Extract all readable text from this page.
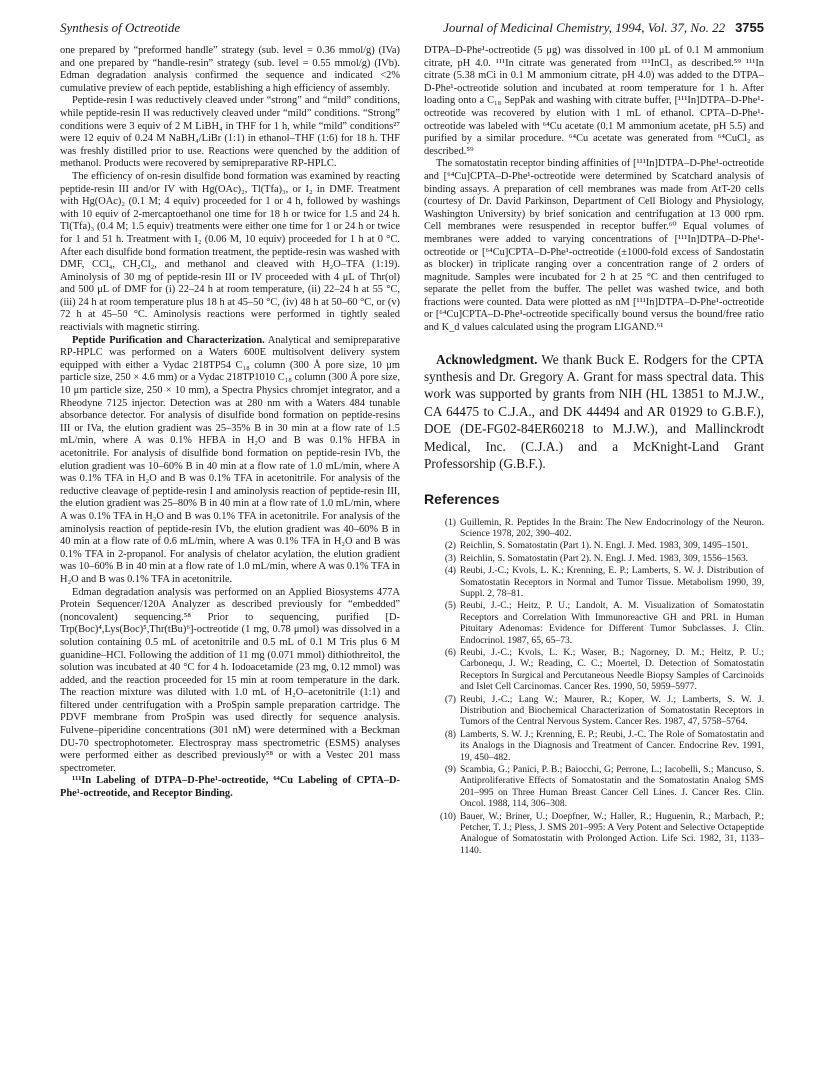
Synthesis of Octreotide	Journal of Medicinal Chemistry, 1994, Vol. 37, No. 22 3755

one prepared by “preformed handle” strategy (sub. level = 0.36 mmol/g) (IVa) and one prepared by “handle-resin” strategy (sub. level = 0.55 mmol/g) (IVb). Edman degradation analysis confirmed the sequence and indicated <2% cumulative preview of each peptide, establishing a high efficiency of assembly.

Peptide-resin I was reductively cleaved under “strong” and “mild” conditions, while peptide-resin II was reductively cleaved under “mild” conditions. “Strong” conditions were 3 equiv of 2 M LiBH₄ in THF for 1 h, while “mild” conditions²⁷ were 12 equiv of 0.24 M NaBH₄/LiBr (1:1) in ethanol–THF (1:6) for 18 h. THF was freshly distilled prior to use. Reactions were quenched by the addition of methanol. Products were recovered by semipreparative RP-HPLC.

The efficiency of on-resin disulfide bond formation was examined by reacting peptide-resin III and/or IV with Hg(OAc)₂, Tl(Tfa)₃, or I₂ in DMF. Treatment with Hg(OAc)₂ (0.1 M; 4 equiv) proceeded for 1 or 4 h, followed by washings with 10 equiv of 2-mercaptoethanol one time for 18 h or twice for 1.5 and 24 h. Tl(Tfa)₃ (0.4 M; 1.5 equiv) treatments were either one time for 1 or 24 h or twice for 1 and 51 h. Treatment with I₂ (0.06 M, 10 equiv) proceeded for 1 h at 0 °C. After each disulfide bond formation treatment, the peptide-resin was washed with DMF, CCl₄, CH₂Cl₂, and methanol and cleaved with H₂O–TFA (1:19). Aminolysis of 30 mg of peptide-resin III or IV proceeded with 4 μL of Thr(ol) and 500 μL of DMF for (i) 22–24 h at room temperature, (ii) 22–24 h at 55 °C, (iii) 24 h at room temperature plus 18 h at 45–50 °C, (iv) 48 h at 50–60 °C, or (v) 72 h at 45–50 °C. Aminolysis reactions were performed in tightly sealed reactivials with magnetic stirring.

Peptide Purification and Characterization. Analytical and semipreparative RP-HPLC was performed on a Waters 600E multisolvent delivery system equipped with either a Vydac 218TP54 C₁₈ column (300 Å pore size, 10 μm particle size, 250 × 4.6 mm) or a Vydac 218TP1010 C₁₈ column (300 Å pore size, 10 μm particle size, 250 × 10 mm), a Spectra Physics chromjet integrator, and a Rheodyne 7125 injector. Detection was at 280 nm with a Waters 484 tunable absorbance detector. For analysis of disulfide bond formation on peptide-resins III or IVa, the elution gradient was 25–35% B in 30 min at a flow rate of 1.5 mL/min, where A was 0.1% HFBA in H₂O and B was 0.1% HFBA in acetonitrile. For analysis of disulfide bond formation on peptide-resin IVb, the elution gradient was 10–60% B in 40 min at a flow rate of 1.0 mL/min, where A was 0.1% TFA in H₂O and B was 0.1% TFA in acetonitrile. For analysis of the reductive cleavage of peptide-resin I and aminolysis reaction of peptide-resin III, the elution gradient was 25–80% B in 40 min at a flow rate of 1.0 mL/min, where A was 0.1% TFA in H₂O and B was 0.1% TFA in acetonitrile. For analysis of the aminolysis reaction of peptide-resin IVb, the elution gradient was 40–60% B in 40 min at a flow rate of 0.6 mL/min, where A was 0.1% TFA in H₂O and B was 0.1% TFA in 2-propanol. For analysis of chelator acylation, the elution gradient was 10–60% B in 40 min at a flow rate of 1.0 mL/min, where A was 0.1% TFA in H₂O and B was 0.1% TFA in acetonitrile.

Edman degradation analysis was performed on an Applied Biosystems 477A Protein Sequencer/120A Analyzer as described previously for “embedded” (noncovalent) sequencing.⁵⁸ Prior to sequencing, purified [D-Trp(Boc)⁴,Lys(Boc)⁵,Thr(tBu)⁶]-octreotide (1 mg, 0.78 μmol) was dissolved in a solution containing 0.5 mL of acetonitrile and 0.5 mL of 0.1 M Tris plus 6 M guanidine–HCl. Following the addition of 11 mg (0.071 mmol) dithiothreitol, the solution was incubated at 40 °C for 4 h. Iodoacetamide (23 mg, 0.12 mmol) was added, and the reaction proceeded for 15 min at room temperature in the dark. The reaction mixture was diluted with 1.0 mL of H₂O–acetonitrile (1:1) and filtered under centrifugation with a ProSpin sample preparation cartridge. The PDVF membrane from ProSpin was used directly for sequence analysis. Fulvene–piperidine concentrations (301 nM) were determined with a Beckman DU-70 spectrophotometer. Electrospray mass spectrometric (ESMS) analyses were performed either as described previously⁵⁸ or with a Vestec 201 mass spectrometer.

¹¹¹In Labeling of DTPA–D-Phe¹-octreotide, ⁶⁴Cu Labeling of CPTA–D-Phe¹-octreotide, and Receptor Binding.

DTPA–D-Phe¹-octreotide (5 μg) was dissolved in 100 μL of 0.1 M ammonium citrate, pH 4.0. ¹¹¹In citrate was generated from ¹¹¹InCl₃ as described.⁵⁹ ¹¹¹In citrate (5.38 mCi in 0.1 M ammonium citrate, pH 4.0) was added to the DTPA–D-Phe¹-octreotide solution and incubated at room temperature for 1 h. After loading onto a C₁₈ SepPak and washing with citrate buffer, [¹¹¹In]DTPA–D-Phe¹-octreotide was recovered by elution with 1 mL of ethanol. CPTA–D-Phe¹-octreotide was labeled with ⁶⁴Cu acetate (0.1 M ammonium acetate, pH 5.5) and purified by a similar procedure. ⁶⁴Cu acetate was generated from ⁶⁴CuCl₂ as described.⁵⁹

The somatostatin receptor binding affinities of [¹¹¹In]DTPA–D-Phe¹-octreotide and [⁶⁴Cu]CPTA–D-Phe¹-octreotide were determined by Scatchard analysis of binding assays. A preparation of cell membranes was made from AtT-20 cells (courtesy of Dr. David Parkinson, Department of Cell Biology and Physiology, Washington University) by brief sonication and centrifugation at 13 000 rpm. Cell membranes were resuspended in receptor buffer.⁶⁰ Equal volumes of membranes were added to varying concentrations of [¹¹¹In]DTPA–D-Phe¹-octreotide or [⁶⁴Cu]CPTA–D-Phe¹-octreotide (±1000-fold excess of Sandostatin as blocker) in triplicate ranging over a concentration range of 2 orders of magnitude. Samples were incubated for 2 h at 25 °C and then centrifuged to separate the pellet from the buffer. The pellet was washed twice, and both fractions were counted. Data were plotted as nM [¹¹¹In]DTPA–D-Phe¹-octreotide or [⁶⁴Cu]CPTA–D-Phe¹-octreotide specifically bound versus the bound/free ratio and K_d values calculated using the program LIGAND.⁶¹

Acknowledgment. We thank Buck E. Rodgers for the CPTA synthesis and Dr. Gregory A. Grant for mass spectral data. This work was supported by grants from NIH (HL 13851 to M.J.W., CA 64475 to C.J.A., and DK 44494 and AR 01929 to G.B.F.), DOE (DE-FG02-84ER60218 to M.J.W.), and Mallinckrodt Medical, Inc. (C.J.A.) and a McKnight-Land Grant Professorship (G.B.F.).

References
(1) Guillemin, R. Peptides In the Brain: The New Endocrinology of the Neuron. Science 1978, 202, 390–402.
(2) Reichlin, S. Somatostatin (Part 1). N. Engl. J. Med. 1983, 309, 1495–1501.
(3) Reichlin, S. Somatostatin (Part 2). N. Engl. J. Med. 1983, 309, 1556–1563.
(4) Reubi, J.-C.; Kvols, L. K.; Krenning, E. P.; Lamberts, S. W. J. Distribution of Somatostatin Receptors in Normal and Tumor Tissue. Metabolism 1990, 39, Suppl. 2, 78–81.
(5) Reubi, J.-C.; Heitz, P. U.; Landolt, A. M. Visualization of Somatostatin Receptors and Correlation With Immunoreactive GH and PRL in Human Pituitary Adenomas: Evidence for Different Tumor Subclasses. J. Clin. Endocrinol. 1987, 65, 65–73.
(6) Reubi, J.-C.; Kvols, L. K.; Waser, B.; Nagorney, D. M.; Heitz, P. U.; Carbonequ, J. W.; Reading, C. C.; Moertel, D. Detection of Somatostatin Receptors In Surgical and Percutaneous Needle Biopsy Samples of Carcinoids and Islet Cell Carcinomas. Cancer Res. 1990, 50, 5959–5977.
(7) Reubi, J.-C.; Lang W.; Maurer, R.; Koper, W. J.; Lamberts, S. W. J. Distribution and Biochemical Characterization of Somatostatin Receptors in Tumors of the Central Nervous System. Cancer Res. 1987, 47, 5758–5764.
(8) Lamberts, S. W. J.; Krenning, E. P.; Reubi, J.-C. The Role of Somatostatin and its Analogs in the Diagnosis and Treatment of Cancer. Endocrine Rev. 1991, 19, 450–482.
(9) Scambia, G.; Panici, P. B.; Baiocchi, G; Perrone, L.; Iacobelli, S.; Mancuso, S. Antiproliferative Effects of Somatostatin and the Somatostatin Analog SMS 201–995 on Three Human Breast Cancer Cell Lines. J. Cancer Res. Clin. Oncol. 1988, 114, 306–308.
(10) Bauer, W.; Briner, U.; Doepfner, W.; Haller, R.; Huguenin, R.; Marbach, P.; Petcher, T. J.; Pless, J. SMS 201–995: A Very Potent and Selective Octapeptide Analogue of Somatostatin with Prolonged Action. Life Sci. 1982, 31, 1133–1140.
